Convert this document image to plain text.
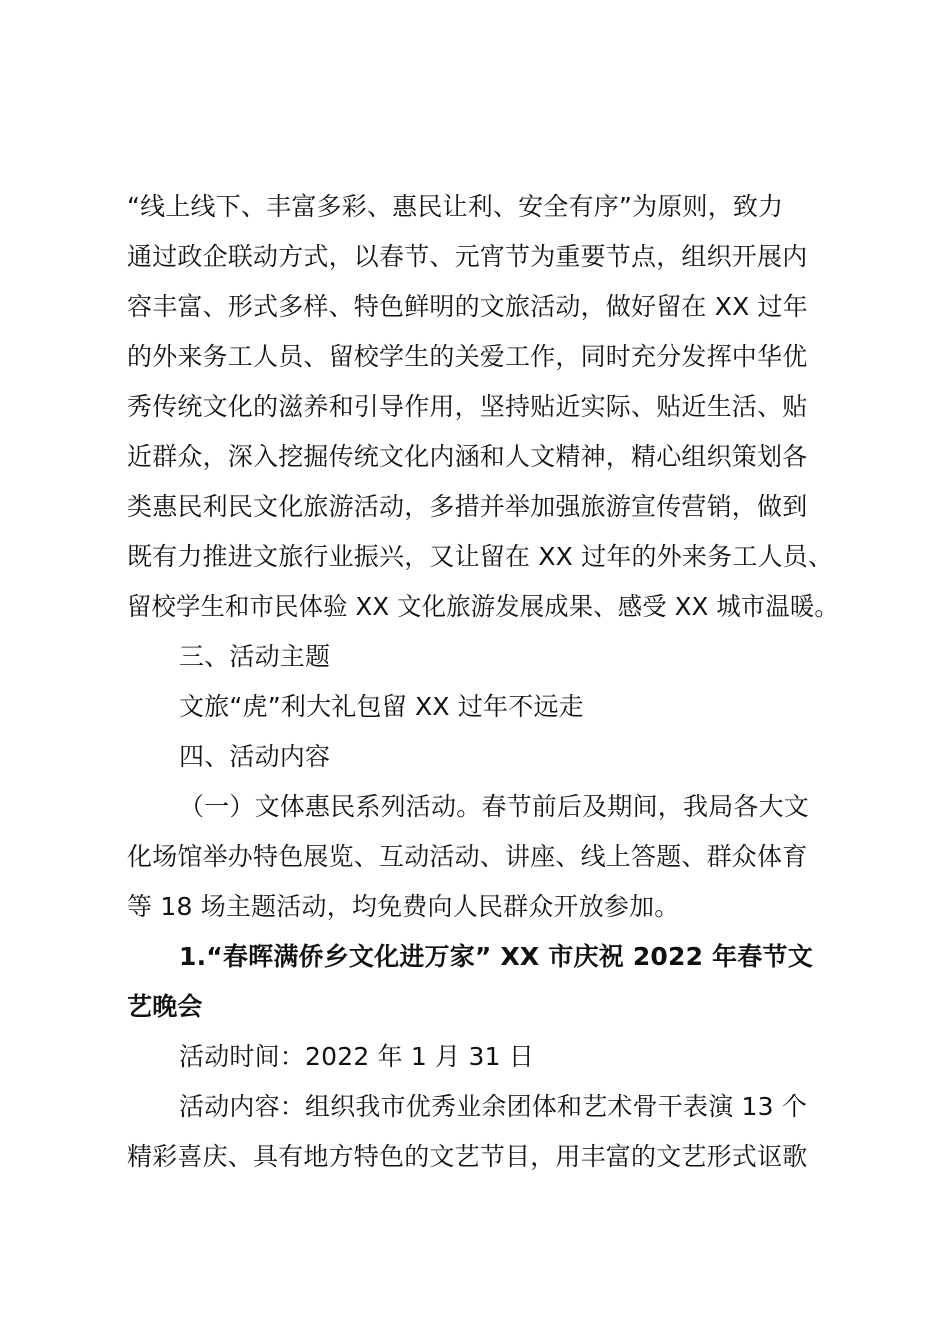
“线上线下、丰富多彩、惠民让利、安全有序”为原则，致力
通过政企联动方式，以春节、元宵节为重要节点，组织开展内
容丰富、形式多样、特色鲜明的文旅活动，做好留在 XX 过年
的外来务工人员、留校学生的关爱工作，同时充分发挥中华优
秀传统文化的滋养和引导作用，坚持贴近实际、贴近生活、贴
近群众，深入挖掘传统文化内涵和人文精神，精心组织策划各
类惠民利民文化旅游活动，多措并举加强旅游宣传营销，做到
既有力推进文旅行业振兴，又让留在 XX 过年的外来务工人员、
留校学生和市民体验 XX 文化旅游发展成果、感受 XX 城市温暖。
三、活动主题
文旅“虎”利大礼包留 XX 过年不远走
四、活动内容
（一）文体惠民系列活动。春节前后及期间，我局各大文
化场馆举办特色展览、互动活动、讲座、线上答题、群众体育
等 18 场主题活动，均免费向人民群众开放参加。
1.“春晖满侨乡文化进万家” XX 市庆祝 2022 年春节文
艺晚会
活动时间：2022 年 1 月 31 日
活动内容：组织我市优秀业余团体和艺术骨干表演 13 个
精彩喜庆、具有地方特色的文艺节目，用丰富的文艺形式讴歌
